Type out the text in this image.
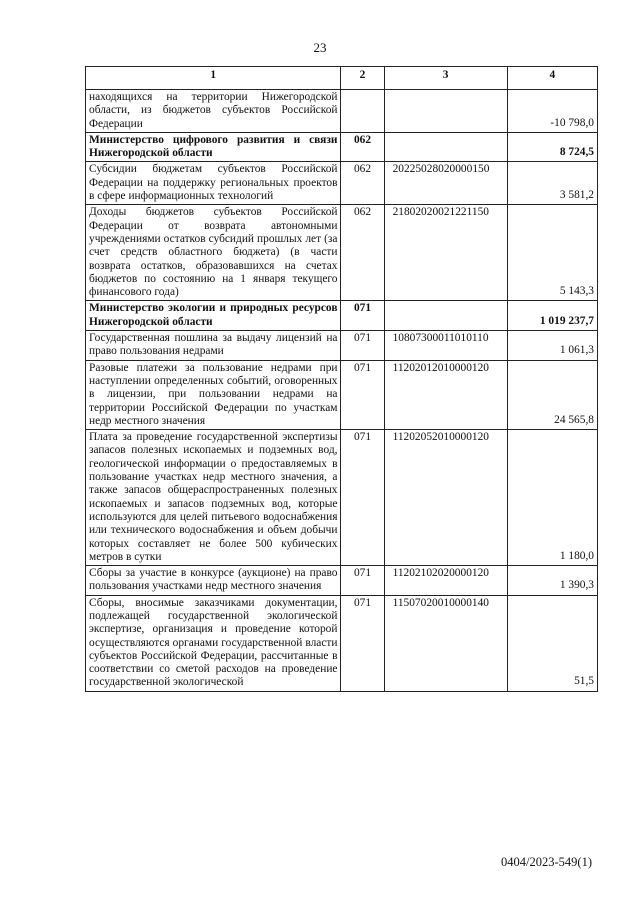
23
1	2	3	4
находящихся на территории Нижегородской области, из бюджетов субъектов Российской Федерации			-10 798,0
Министерство цифрового развития и связи Нижегородской области	062		8 724,5
Субсидии бюджетам субъектов Российской Федерации на поддержку региональных проектов в сфере информационных технологий	062	20225028020000150	3 581,2
Доходы бюджетов субъектов Российской Федерации от возврата автономными учреждениями остатков субсидий прошлых лет (за счет средств областного бюджета) (в части возврата остатков, образовавшихся на счетах бюджетов по состоянию на 1 января текущего финансового года)	062	21802020021221150	5 143,3
Министерство экологии и природных ресурсов Нижегородской области	071		1 019 237,7
Государственная пошлина за выдачу лицензий на право пользования недрами	071	10807300011010110	1 061,3
Разовые платежи за пользование недрами при наступлении определенных событий, оговоренных в лицензии, при пользовании недрами на территории Российской Федерации по участкам недр местного значения	071	11202012010000120	24 565,8
Плата за проведение государственной экспертизы запасов полезных ископаемых и подземных вод, геологической информации о предоставляемых в пользование участках недр местного значения, а также запасов общераспространенных полезных ископаемых и запасов подземных вод, которые используются для целей питьевого водоснабжения или технического водоснабжения и объем добычи которых составляет не более 500 кубических метров в сутки	071	11202052010000120	1 180,0
Сборы за участие в конкурсе (аукционе) на право пользования участками недр местного значения	071	11202102020000120	1 390,3
Сборы, вносимые заказчиками документации, подлежащей государственной экологической экспертизе, организация и проведение которой осуществляются органами государственной власти субъектов Российской Федерации, рассчитанные в соответствии со сметой расходов на проведение государственной экологической	071	11507020010000140	51,5
0404/2023-549(1)
